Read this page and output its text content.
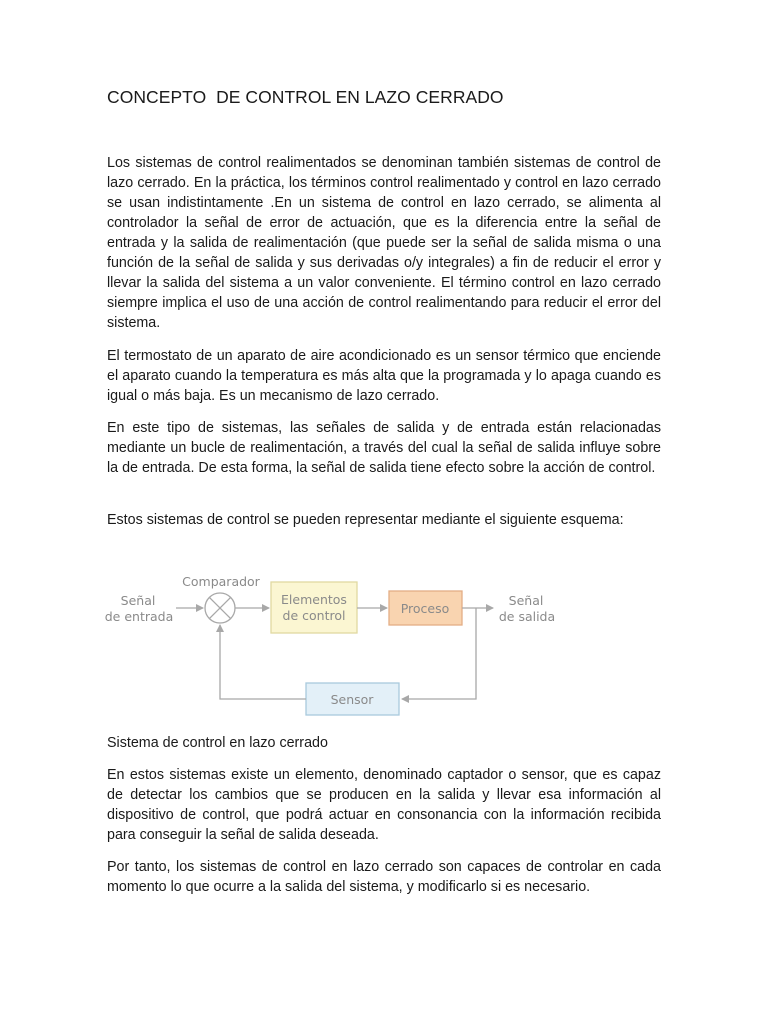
CONCEPTO  DE CONTROL EN LAZO CERRADO

Los sistemas de control realimentados se denominan también sistemas de control de lazo cerrado. En la práctica, los términos control realimentado y control en lazo cerrado se usan indistintamente .En un sistema de control en lazo cerrado, se alimenta al controlador la señal de error de actuación, que es la diferencia entre la señal de entrada y la salida de realimentación (que puede ser la señal de salida misma o una función de la señal de salida y sus derivadas o/y integrales) a fin de reducir el error y llevar la salida del sistema a un valor conveniente. El término control en lazo cerrado siempre implica el uso de una acción de control realimentando para reducir el error del sistema.

El termostato de un aparato de aire acondicionado es un sensor térmico que enciende el aparato cuando la temperatura es más alta que la programada y lo apaga cuando es igual o más baja. Es un mecanismo de lazo cerrado.

En este tipo de sistemas, las señales de salida y de entrada están relacionadas mediante un bucle de realimentación, a través del cual la señal de salida influye sobre la de entrada. De esta forma, la señal de salida tiene efecto sobre la acción de control.

Estos sistemas de control se pueden representar mediante el siguiente esquema:

Sistema de control en lazo cerrado

En estos sistemas existe un elemento, denominado captador o sensor, que es capaz de detectar los cambios que se producen en la salida y llevar esa información al dispositivo de control, que podrá actuar en consonancia con la información recibida para conseguir la señal de salida deseada.

Por tanto, los sistemas de control en lazo cerrado son capaces de controlar en cada momento lo que ocurre a la salida del sistema, y modificarlo si es necesario.

Señal
de entrada
Comparador
Elementos
de control	Proceso
Señal
de salida
Sensor
